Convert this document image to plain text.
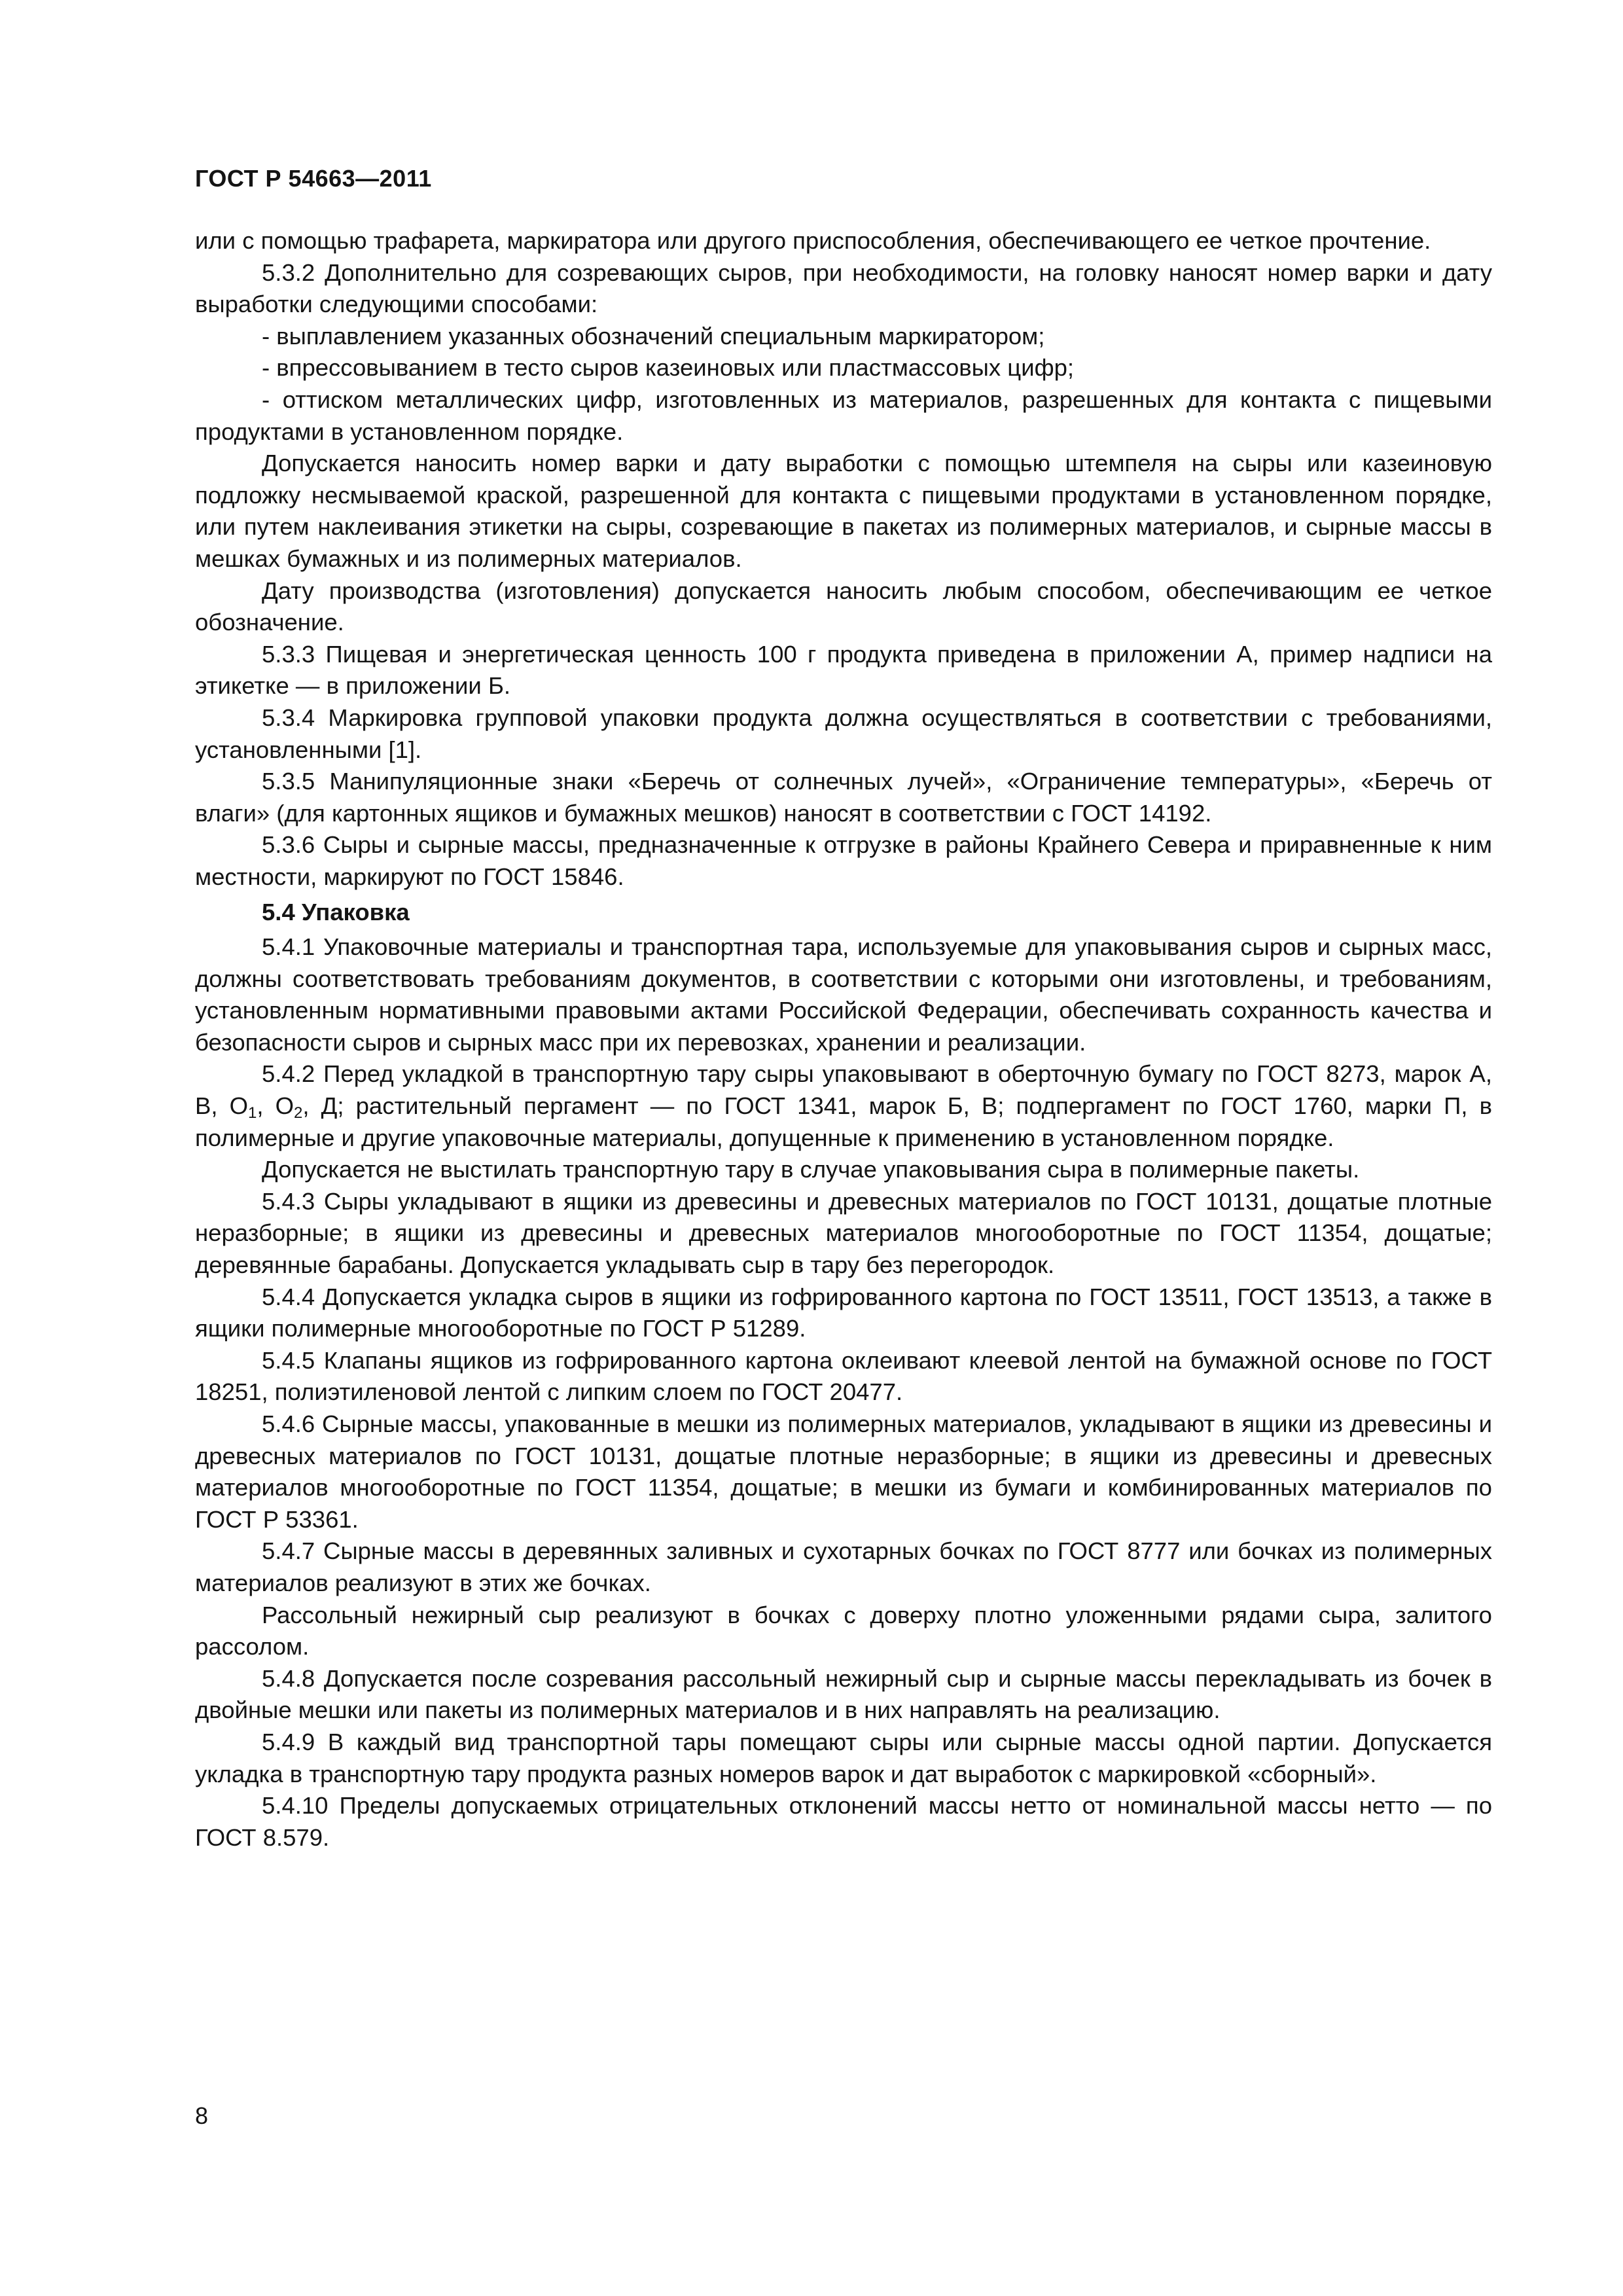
ГОСТ Р 54663—2011

или с помощью трафарета, маркиратора или другого приспособления, обеспечивающего ее четкое прочтение.

5.3.2 Дополнительно для созревающих сыров, при необходимости, на головку наносят номер варки и дату выработки следующими способами:

- выплавлением указанных обозначений специальным маркиратором;

- впрессовыванием в тесто сыров казеиновых или пластмассовых цифр;

- оттиском металлических цифр, изготовленных из материалов, разрешенных для контакта с пищевыми продуктами в установленном порядке.

Допускается наносить номер варки и дату выработки с помощью штемпеля на сыры или казеиновую подложку несмываемой краской, разрешенной для контакта с пищевыми продуктами в установленном порядке, или путем наклеивания этикетки на сыры, созревающие в пакетах из полимерных материалов, и сырные массы в мешках бумажных и из полимерных материалов.

Дату производства (изготовления) допускается наносить любым способом, обеспечивающим ее четкое обозначение.

5.3.3 Пищевая и энергетическая ценность 100 г продукта приведена в приложении А, пример надписи на этикетке — в приложении Б.

5.3.4 Маркировка групповой упаковки продукта должна осуществляться в соответствии с требованиями, установленными [1].

5.3.5 Манипуляционные знаки «Беречь от солнечных лучей», «Ограничение температуры», «Беречь от влаги» (для картонных ящиков и бумажных мешков) наносят в соответствии с ГОСТ 14192.

5.3.6 Сыры и сырные массы, предназначенные к отгрузке в районы Крайнего Севера и приравненные к ним местности, маркируют по ГОСТ 15846.

5.4 Упаковка

5.4.1 Упаковочные материалы и транспортная тара, используемые для упаковывания сыров и сырных масс, должны соответствовать требованиям документов, в соответствии с которыми они изготовлены, и требованиям, установленным нормативными правовыми актами Российской Федерации, обеспечивать сохранность качества и безопасности сыров и сырных масс при их перевозках, хранении и реализации.

5.4.2 Перед укладкой в транспортную тару сыры упаковывают в оберточную бумагу по ГОСТ 8273, марок А, В, $О_1$, $О_2$, Д; растительный пергамент — по ГОСТ 1341, марок Б, В; подпергамент по ГОСТ 1760, марки П, в полимерные и другие упаковочные материалы, допущенные к применению в установленном порядке.

Допускается не выстилать транспортную тару в случае упаковывания сыра в полимерные пакеты.

5.4.3 Сыры укладывают в ящики из древесины и древесных материалов по ГОСТ 10131, дощатые плотные неразборные; в ящики из древесины и древесных материалов многооборотные по ГОСТ 11354, дощатые; деревянные барабаны. Допускается укладывать сыр в тару без перегородок.

5.4.4 Допускается укладка сыров в ящики из гофрированного картона по ГОСТ 13511, ГОСТ 13513, а также в ящики полимерные многооборотные по ГОСТ Р 51289.

5.4.5 Клапаны ящиков из гофрированного картона оклеивают клеевой лентой на бумажной основе по ГОСТ 18251, полиэтиленовой лентой с липким слоем по ГОСТ 20477.

5.4.6 Сырные массы, упакованные в мешки из полимерных материалов, укладывают в ящики из древесины и древесных материалов по ГОСТ 10131, дощатые плотные неразборные; в ящики из древесины и древесных материалов многооборотные по ГОСТ 11354, дощатые; в мешки из бумаги и комбинированных материалов по ГОСТ Р 53361.

5.4.7 Сырные массы в деревянных заливных и сухотарных бочках по ГОСТ 8777 или бочках из полимерных материалов реализуют в этих же бочках.

Рассольный нежирный сыр реализуют в бочках с доверху плотно уложенными рядами сыра, залитого рассолом.

5.4.8 Допускается после созревания рассольный нежирный сыр и сырные массы перекладывать из бочек в двойные мешки или пакеты из полимерных материалов и в них направлять на реализацию.

5.4.9 В каждый вид транспортной тары помещают сыры или сырные массы одной партии. Допускается укладка в транспортную тару продукта разных номеров варок и дат выработок с маркировкой «сборный».

5.4.10 Пределы допускаемых отрицательных отклонений массы нетто от номинальной массы нетто — по ГОСТ 8.579.

8
